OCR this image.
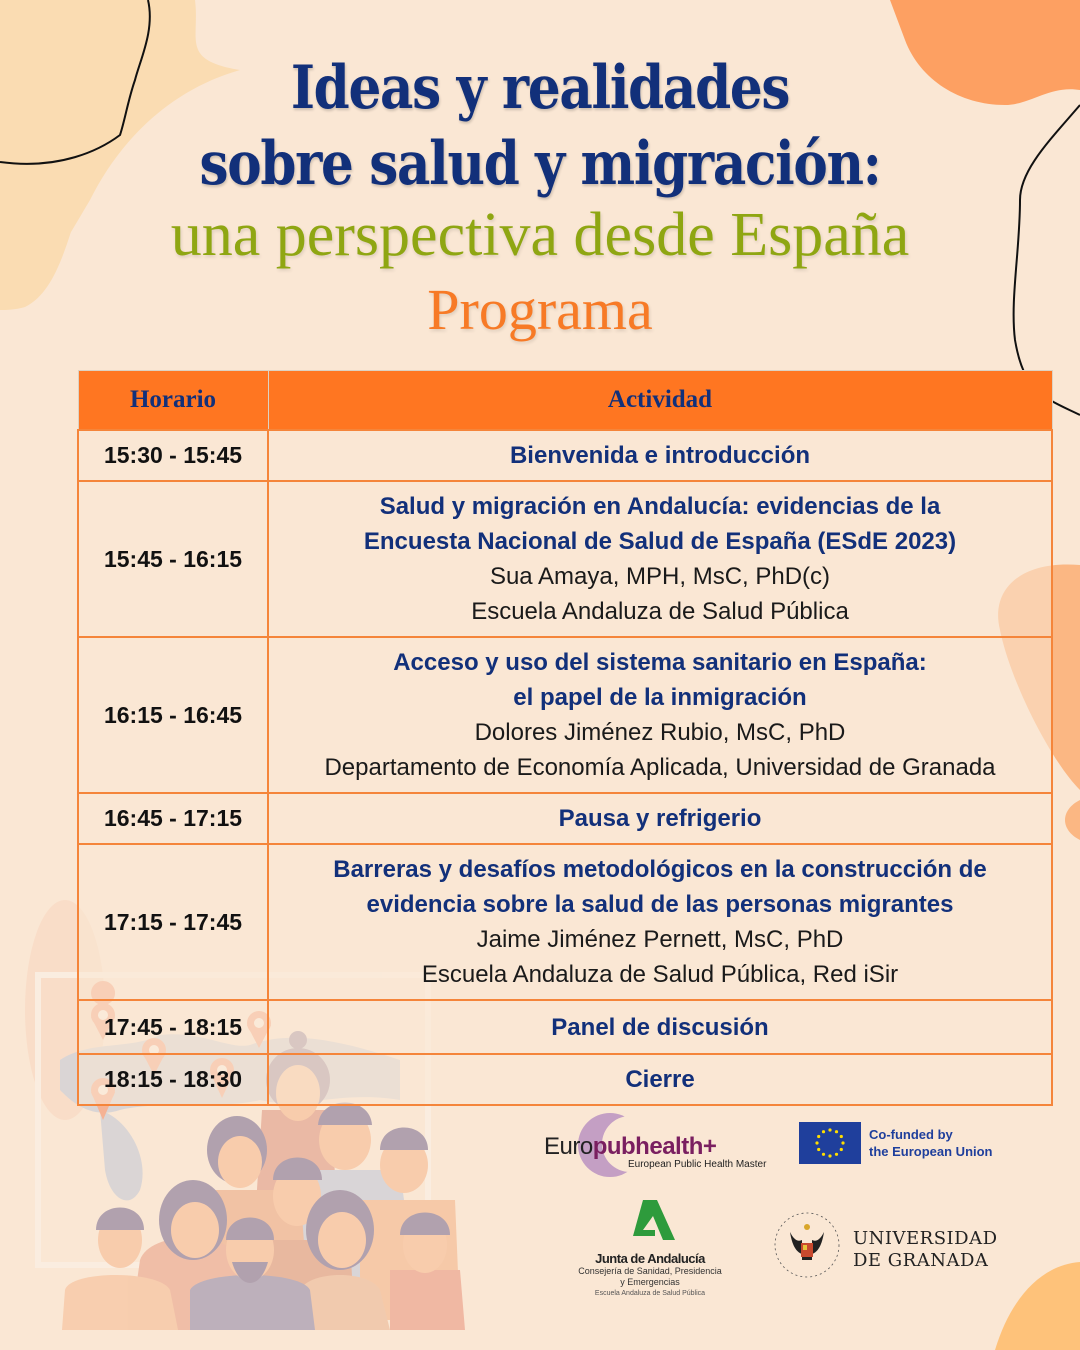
Ideas y realidades
sobre salud y migración:
una perspectiva desde España
Programa
Horario	Actividad
15:30 - 15:45	Bienvenida e introducción

15:45 - 16:15	Salud y migración en Andalucía: evidencias de la
Encuesta Nacional de Salud de España (ESdE 2023)
Sua Amaya, MPH, MsC, PhD(c)
Escuela Andaluza de Salud Pública

16:15 - 16:45	Acceso y uso del sistema sanitario en España:
el papel de la inmigración
Dolores Jiménez Rubio, MsC, PhD
Departamento de Economía Aplicada, Universidad de Granada

16:45 - 17:15	Pausa y refrigerio

17:15 - 17:45	Barreras y desafíos metodológicos en la construcción de
evidencia sobre la salud de las personas migrantes
Jaime Jiménez Pernett, MsC, PhD
Escuela Andaluza de Salud Pública, Red iSir

17:45 - 18:15	Panel de discusión

18:15 - 18:30	Cierre
Europubhealth+
European Public Health Master
Co-funded by
the European Union
Junta de Andalucía
Consejería de Sanidad, Presidencia
y Emergencias
Escuela Andaluza de Salud Pública
UNIVERSIDAD
DE GRANADA
